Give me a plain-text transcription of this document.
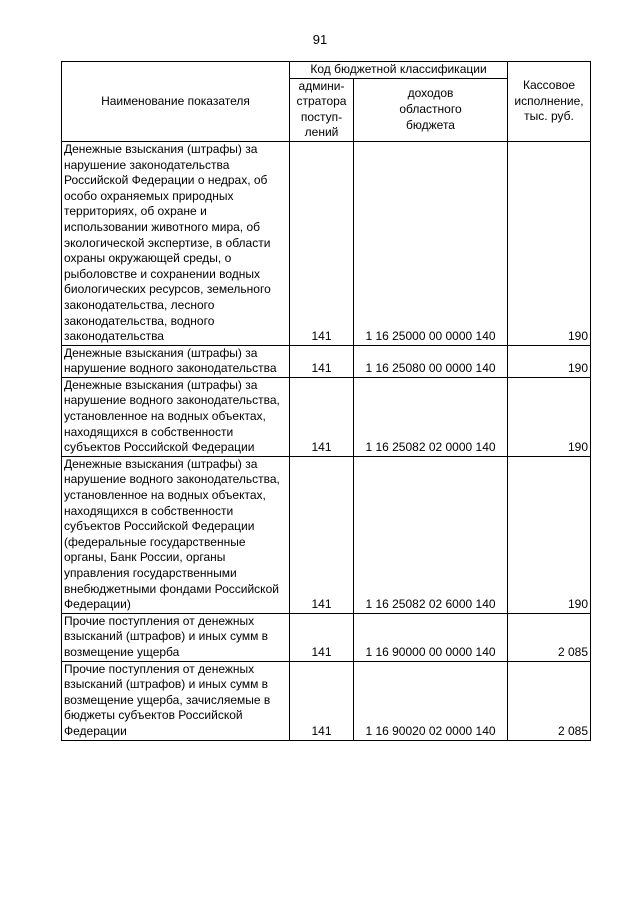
91
Наименование показателя	Код бюджетной классификации		Кассовое исполнение, тыс. руб.
	админи-стратора поступ-лений	доходов областного бюджета	
Денежные взыскания (штрафы) за нарушение законодательства Российской Федерации о недрах, об особо охраняемых природных территориях, об охране и использовании животного мира, об экологической экспертизе, в области охраны окружающей среды, о рыболовстве и сохранении водных биологических ресурсов, земельного законодательства, лесного законодательства, водного законодательства	141	1 16 25000 00 0000 140	190
Денежные взыскания (штрафы) за нарушение водного законодательства	141	1 16 25080 00 0000 140	190
Денежные взыскания (штрафы) за нарушение водного законодательства, установленное на водных объектах, находящихся в собственности субъектов Российской Федерации	141	1 16 25082 02 0000 140	190
Денежные взыскания (штрафы) за нарушение водного законодательства, установленное на водных объектах, находящихся в собственности субъектов Российской Федерации (федеральные государственные органы, Банк России, органы управления государственными внебюджетными фондами Российской Федерации)	141	1 16 25082 02 6000 140	190
Прочие поступления от денежных взысканий (штрафов) и иных сумм в возмещение ущерба	141	1 16 90000 00 0000 140	2 085
Прочие поступления от денежных взысканий (штрафов) и иных сумм в возмещение ущерба, зачисляемые в бюджеты субъектов Российской Федерации	141	1 16 90020 02 0000 140	2 085
